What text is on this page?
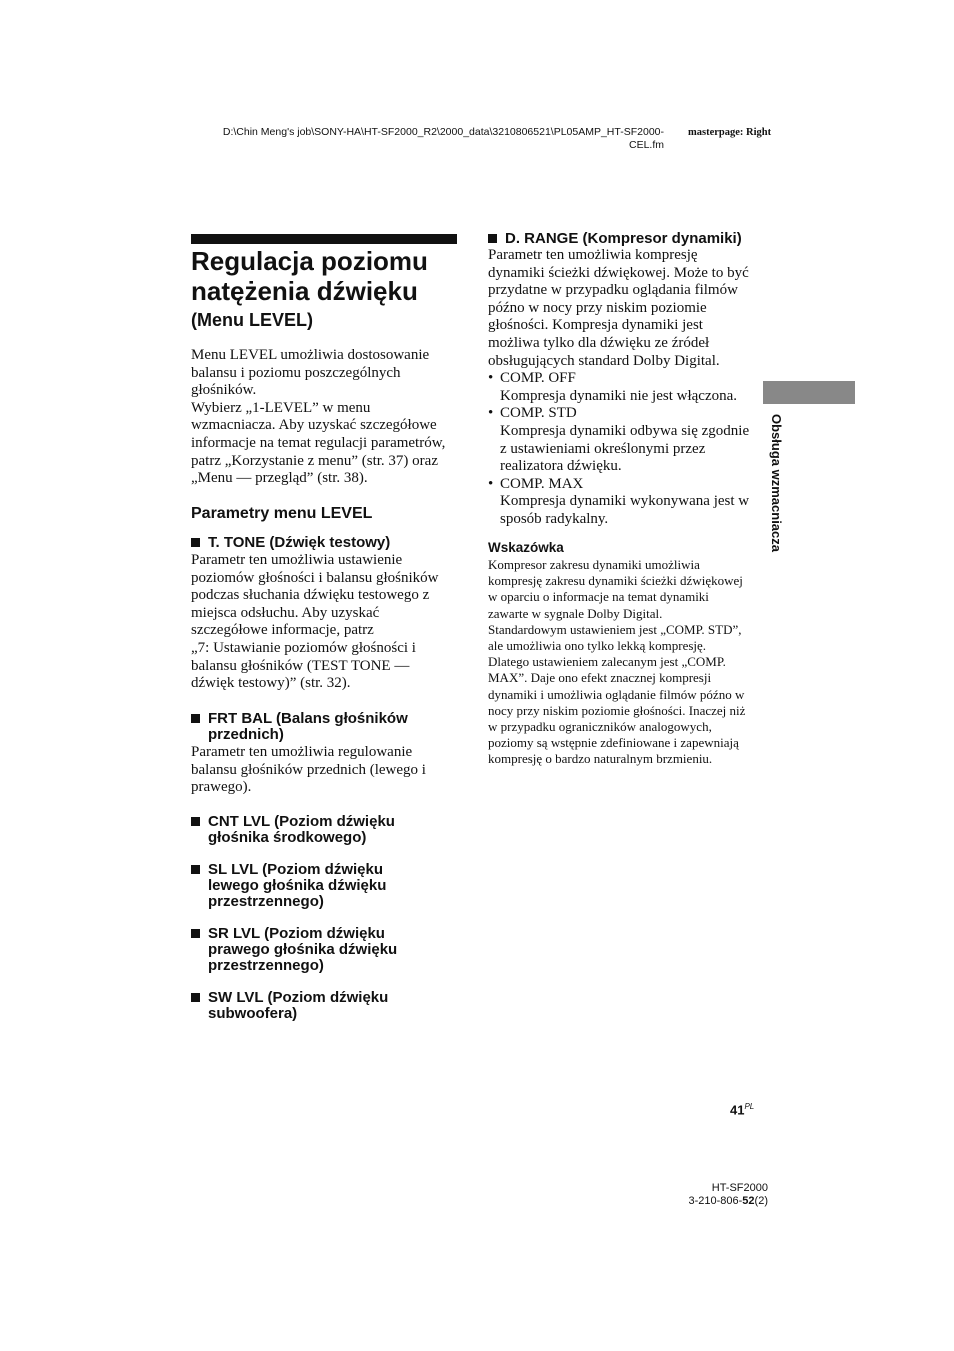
D:\Chin Meng's job\SONY-HA\HT-SF2000_R2\2000_data\3210806521\PL05AMP_HT-SF2000-
CEL.fm
masterpage: Right
Regulacja poziomu
natężenia dźwięku
(Menu LEVEL)
Menu LEVEL umożliwia dostosowanie
balansu i poziomu poszczególnych
głośników.
Wybierz „1-LEVEL” w menu
wzmacniacza. Aby uzyskać szczegółowe
informacje na temat regulacji parametrów,
patrz „Korzystanie z menu” (str. 37) oraz
„Menu — przegląd” (str. 38).
Parametry menu LEVEL
T. TONE (Dźwięk testowy)
Parametr ten umożliwia ustawienie
poziomów głośności i balansu głośników
podczas słuchania dźwięku testowego z
miejsca odsłuchu. Aby uzyskać
szczegółowe informacje, patrz
„7: Ustawianie poziomów głośności i
balansu głośników (TEST TONE —
dźwięk testowy)” (str. 32).
FRT BAL (Balans głośników
przednich)
Parametr ten umożliwia regulowanie
balansu głośników przednich (lewego i
prawego).
CNT LVL (Poziom dźwięku
głośnika środkowego)
SL LVL (Poziom dźwięku
lewego głośnika dźwięku
przestrzennego)
SR LVL (Poziom dźwięku
prawego głośnika dźwięku
przestrzennego)
SW LVL (Poziom dźwięku
subwoofera)
D. RANGE (Kompresor dynamiki)
Parametr ten umożliwia kompresję
dynamiki ścieżki dźwiękowej. Może to być
przydatne w przypadku oglądania filmów
późno w nocy przy niskim poziomie
głośności. Kompresja dynamiki jest
możliwa tylko dla dźwięku ze źródeł
obsługujących standard Dolby Digital.
• COMP. OFF
Kompresja dynamiki nie jest włączona.
• COMP. STD
Kompresja dynamiki odbywa się zgodnie
z ustawieniami określonymi przez
realizatora dźwięku.
• COMP. MAX
Kompresja dynamiki wykonywana jest w
sposób radykalny.
Wskazówka
Kompresor zakresu dynamiki umożliwia
kompresję zakresu dynamiki ścieżki dźwiękowej
w oparciu o informacje na temat dynamiki
zawarte w sygnale Dolby Digital.
Standardowym ustawieniem jest „COMP. STD”,
ale umożliwia ono tylko lekką kompresję.
Dlatego ustawieniem zalecanym jest „COMP.
MAX”. Daje ono efekt znacznej kompresji
dynamiki i umożliwia oglądanie filmów późno w
nocy przy niskim poziomie głośności. Inaczej niż
w przypadku ograniczników analogowych,
poziomy są wstępnie zdefiniowane i zapewniają
kompresję o bardzo naturalnym brzmieniu.
Obsługa wzmacniacza
$41^{PL}$
HT-SF2000
3-210-806-52(2)
